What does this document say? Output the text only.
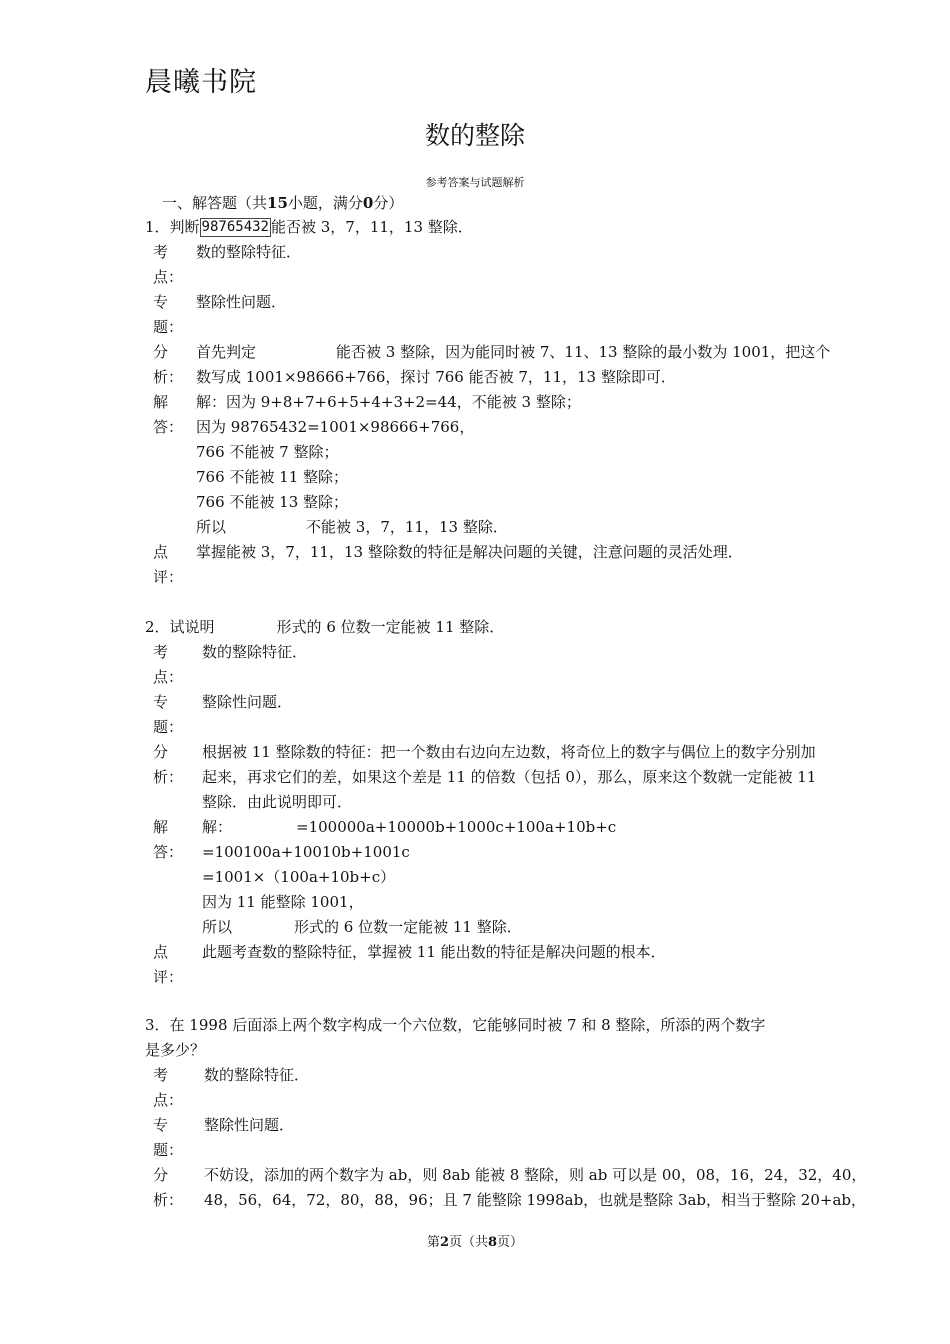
晨曦书院
数的整除
参考答案与试题解析
一、解答题（共15小题，满分0分）
1．判断 98765432 能否被 3，7，11，13 整除．
考
点：
数的整除特征．
专
题：
整除性问题．
分
析：
首先判定	能否被 3 整除，因为能同时被 7、11、13 整除的最小数为 1001，把这个
数写成 1001×98666+766，探讨 766 能否被 7，11，13 整除即可．
解
答：
解：因为 9+8+7+6+5+4+3+2=44，不能被 3 整除；
因为 98765432=1001×98666+766，
766 不能被 7 整除；
766 不能被 11 整除；
766 不能被 13 整除；
所以	不能被 3，7，11，13 整除．
点
评：
掌握能被 3，7，11，13 整除数的特征是解决问题的关键，注意问题的灵活处理．
2．试说明	形式的 6 位数一定能被 11 整除．
考
点：
数的整除特征．
专
题：
整除性问题．
分
析：
根据被 11 整除数的特征：把一个数由右边向左边数，将奇位上的数字与偶位上的数字分别加
起来，再求它们的差，如果这个差是 11 的倍数（包括 0），那么，原来这个数就一定能被 11
整除．由此说明即可．
解
答：
解：	=100000a+10000b+1000c+100a+10b+c
=100100a+10010b+1001c
=1001×（100a+10b+c）
因为 11 能整除 1001，
所以	形式的 6 位数一定能被 11 整除．
点
评：
此题考查数的整除特征，掌握被 11 能出数的特征是解决问题的根本．
3．在 1998 后面添上两个数字构成一个六位数，它能够同时被 7 和 8 整除，所添的两个数字
是多少？
考
点：
数的整除特征．
专
题：
整除性问题．
分
析：
不妨设，添加的两个数字为 ab，则 8ab 能被 8 整除，则 ab 可以是 00，08，16，24，32，40，
48，56，64，72，80，88，96；且 7 能整除 1998ab，也就是整除 3ab，相当于整除 20+ab，
第2页（共8页）
